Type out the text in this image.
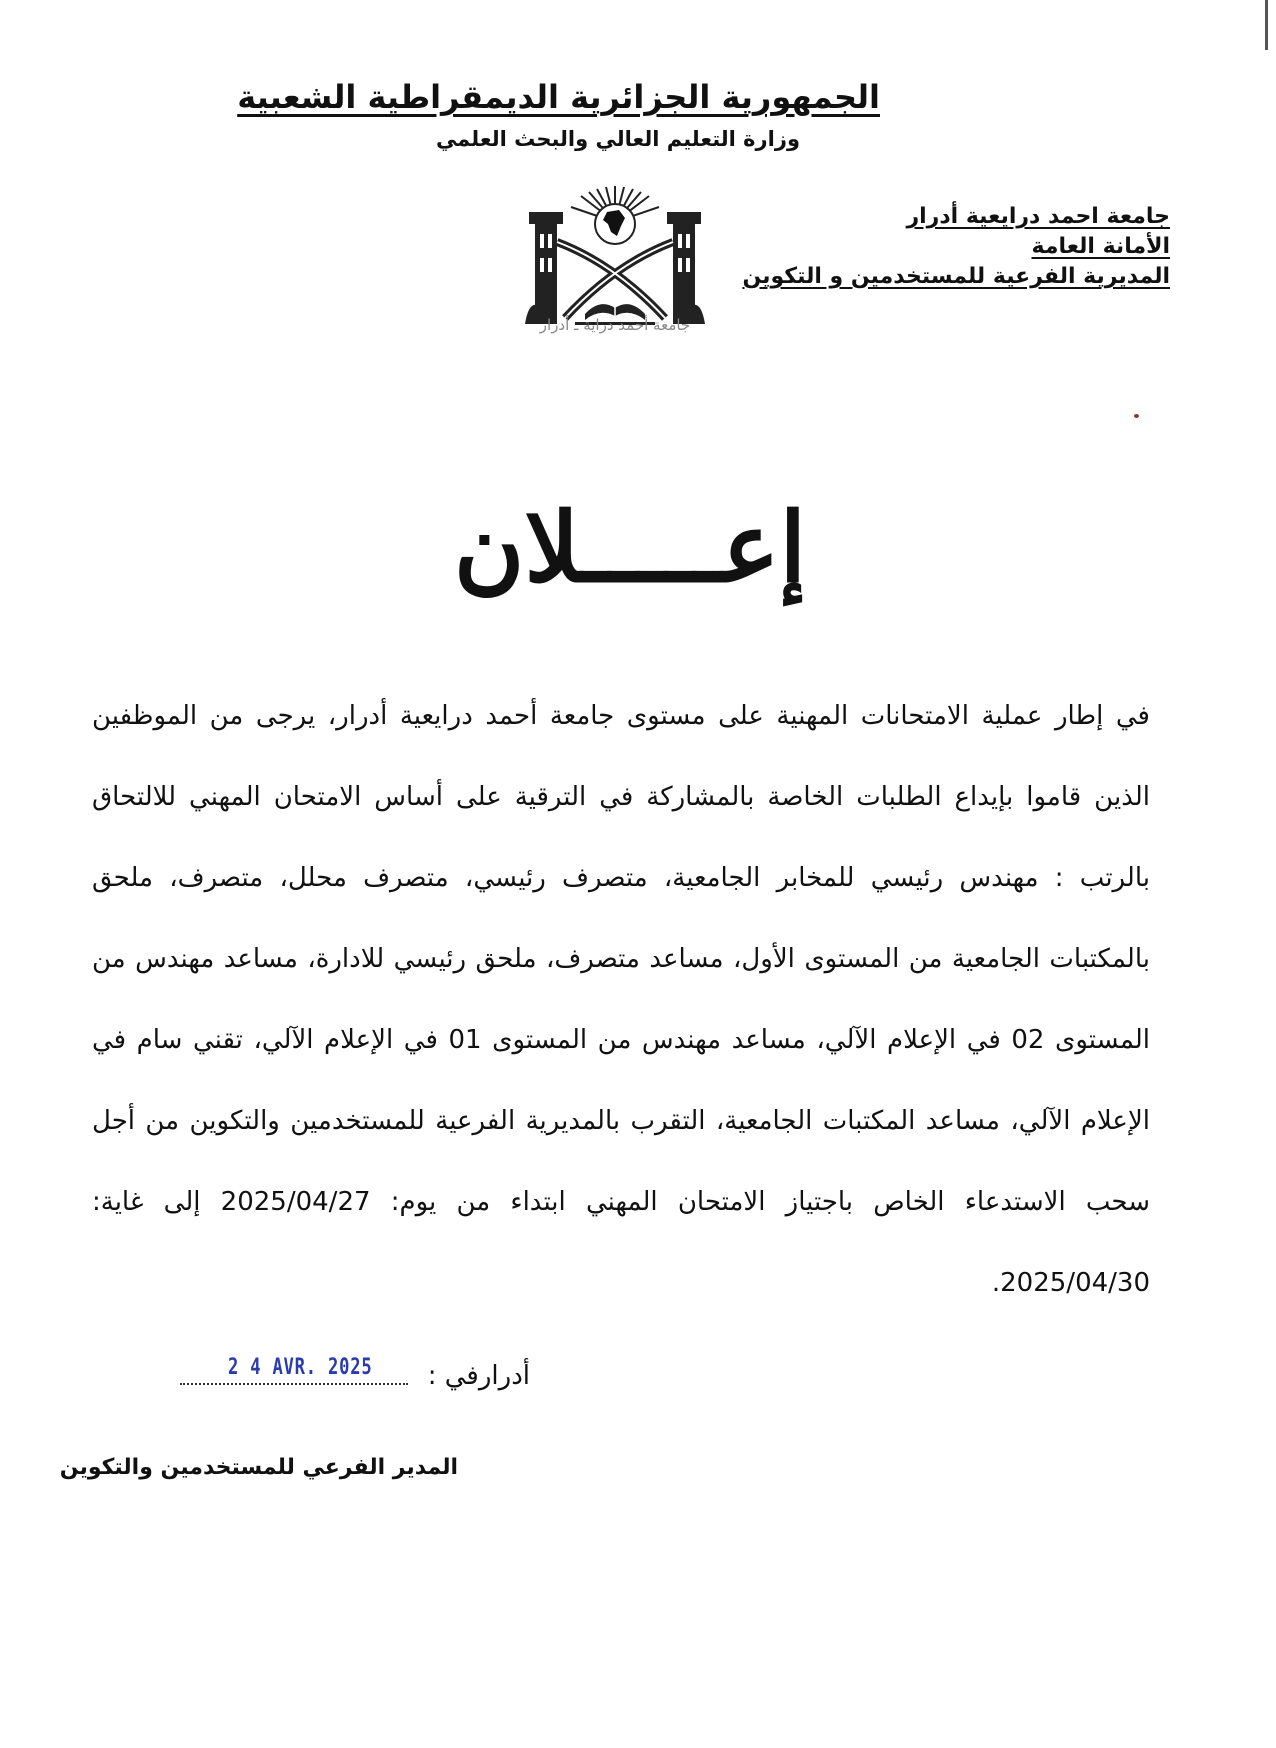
الجمهورية الجزائرية الديمقراطية الشعبية
وزارة التعليم العالي والبحث العلمي
جامعة احمد درايعية أدرار
الأمانة العامة
المديرية الفرعية للمستخدمين و التكوين
جامعة أحمد دراية ـ أدرار
إعـــــلان

في إطار عملية الامتحانات المهنية على مستوى جامعة أحمد درايعية أدرار، يرجى من الموظفين الذين قاموا بإيداع الطلبات الخاصة بالمشاركة في الترقية على أساس الامتحان المهني للالتحاق بالرتب : مهندس رئيسي للمخابر الجامعية، متصرف رئيسي، متصرف محلل، متصرف، ملحق بالمكتبات الجامعية من المستوى الأول، مساعد متصرف، ملحق رئيسي للادارة، مساعد مهندس من المستوى 02 في الإعلام الآلي، مساعد مهندس من المستوى 01 في الإعلام الآلي، تقني سام في الإعلام الآلي، مساعد المكتبات الجامعية، التقرب بالمديرية الفرعية للمستخدمين والتكوين من أجل سحب الاستدعاء الخاص باجتياز الامتحان المهني ابتداء من يوم: 2025/04/27 إلى غاية: 2025/04/30.

2 4 AVR. 2025 أدرارفي :
المدير الفرعي للمستخدمين والتكوين
